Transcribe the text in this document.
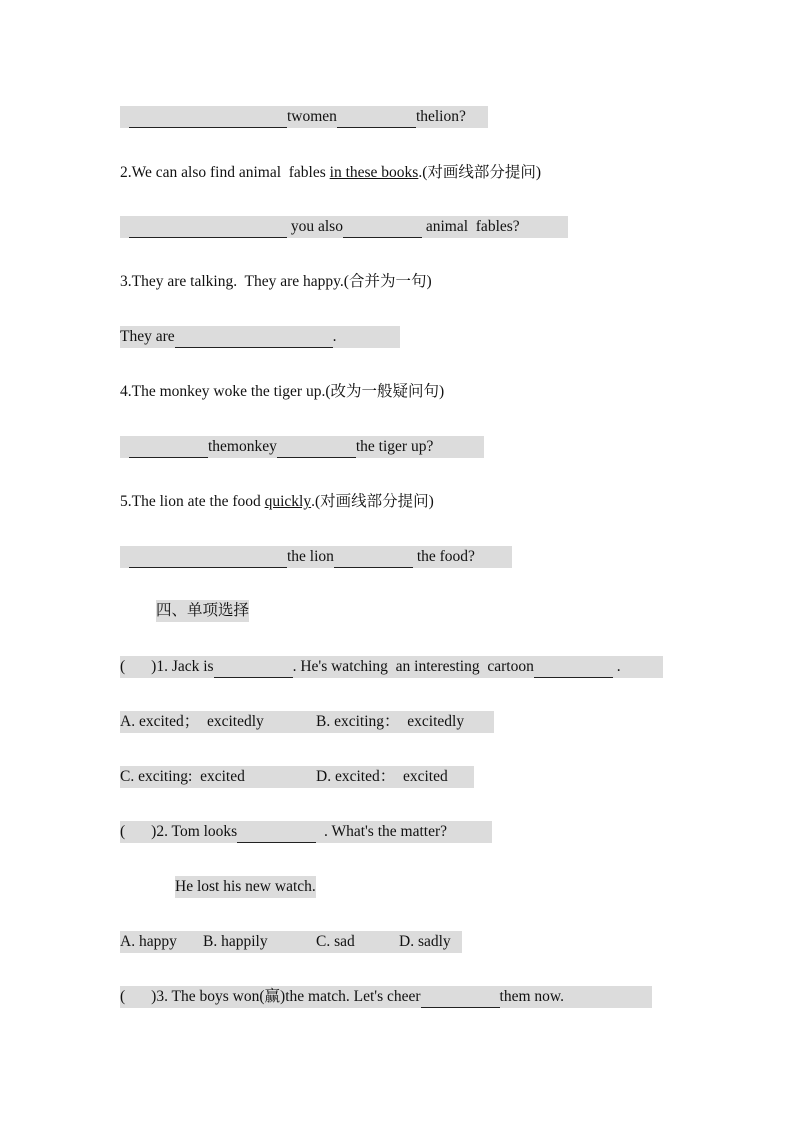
twomen	thelion?
2. We can also find animal  fables in these books .(对画线部分提问)
you also	animal  fables?
3.They are talking.  They are happy.(合并为一句)
They are	.
4.The monkey woke the tiger up.(改为一般疑问句)
themonkey	the tiger up?
5.The lion ate the food quickly .(对画线部分提问)
the lion	the food?
四、单项选择
( )1. Jack is	. He's watching  an interesting  cartoon	.
A. excited；  excitedly	B. exciting：  excitedly
C. exciting:  excited	D. excited：  excited
( )2. Tom looks	. What's the matter?
He lost his new watch.
A. happy	B. happily	C. sad	D. sadly
( )3. The boys won(赢)the match. Let's cheer	them now.
